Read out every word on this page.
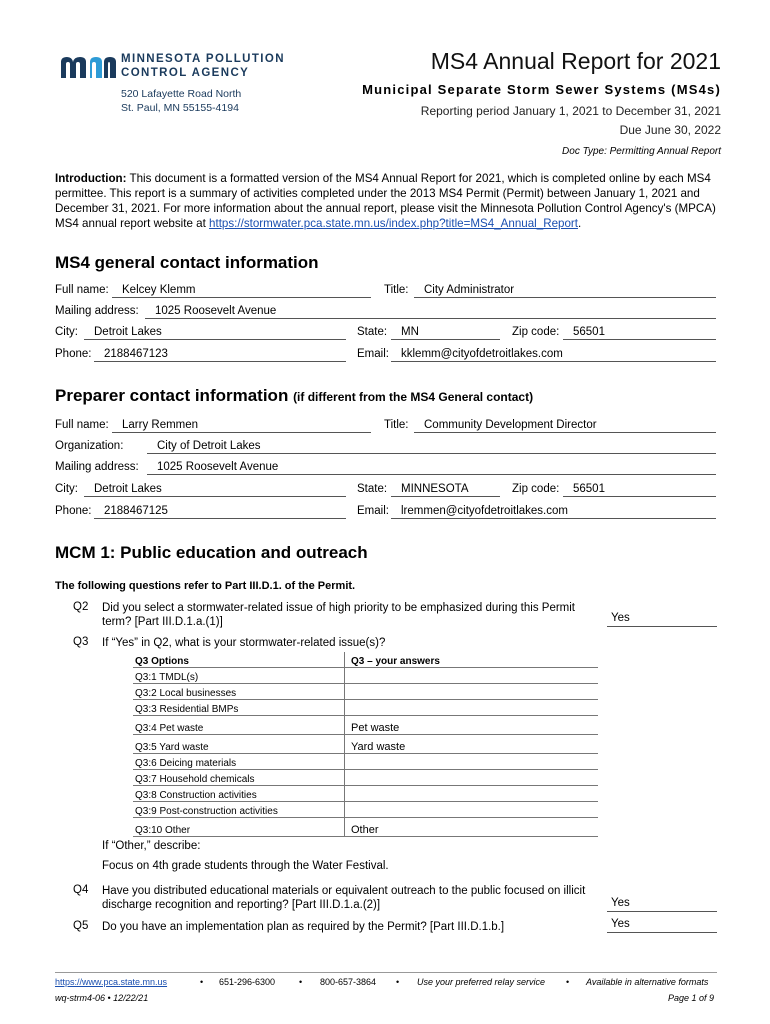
MINNESOTA POLLUTION
CONTROL AGENCY
520 Lafayette Road North
St. Paul, MN 55155-4194
MS4 Annual Report for 2021
Municipal Separate Storm Sewer Systems (MS4s)
Reporting period January 1, 2021 to December 31, 2021
Due June 30, 2022
Doc Type: Permitting Annual Report
Introduction: This document is a formatted version of the MS4 Annual Report for 2021, which is completed online by each MS4 permittee. This report is a summary of activities completed under the 2013 MS4 Permit (Permit) between January 1, 2021 and December 31, 2021. For more information about the annual report, please visit the Minnesota Pollution Control Agency's (MPCA) MS4 annual report website at https://stormwater.pca.state.mn.us/index.php?title=MS4_Annual_Report.
MS4 general contact information
Full name:	Kelcey Klemm	Title:	City Administrator
Mailing address:	1025 Roosevelt Avenue
City:	Detroit Lakes	State:	MN	Zip code:	56501
Phone:	2188467123	Email:	kklemm@cityofdetroitlakes.com
Preparer contact information (if different from the MS4 General contact)
Full name:	Larry Remmen	Title:	Community Development Director
Organization:	City of Detroit Lakes
Mailing address:	1025 Roosevelt Avenue
City:	Detroit Lakes	State:	MINNESOTA	Zip code:	56501
Phone:	2188467125	Email:	lremmen@cityofdetroitlakes.com
MCM 1: Public education and outreach
The following questions refer to Part III.D.1. of the Permit.
Q2 Did you select a stormwater-related issue of high priority to be emphasized during this Permit term? [Part III.D.1.a.(1)]	Yes
Q3 If “Yes” in Q2, what is your stormwater-related issue(s)?
Q3 Options	Q3 – your answers
Q3:1 TMDL(s)	
Q3:2 Local businesses	
Q3:3 Residential BMPs	
Q3:4 Pet waste	Pet waste
Q3:5 Yard waste	Yard waste
Q3:6 Deicing materials	
Q3:7 Household chemicals	
Q3:8 Construction activities	
Q3:9 Post-construction activities	
Q3:10 Other	Other
If “Other,” describe:
Focus on 4th grade students through the Water Festival.
Q4 Have you distributed educational materials or equivalent outreach to the public focused on illicit discharge recognition and reporting? [Part III.D.1.a.(2)]	Yes
Q5 Do you have an implementation plan as required by the Permit? [Part III.D.1.b.]	Yes
https://www.pca.state.mn.us	• 651-296-6300	• 800-657-3864 • Use your preferred relay service • Available in alternative formats
wq-strm4-06 • 12/22/21	Page 1 of 9
